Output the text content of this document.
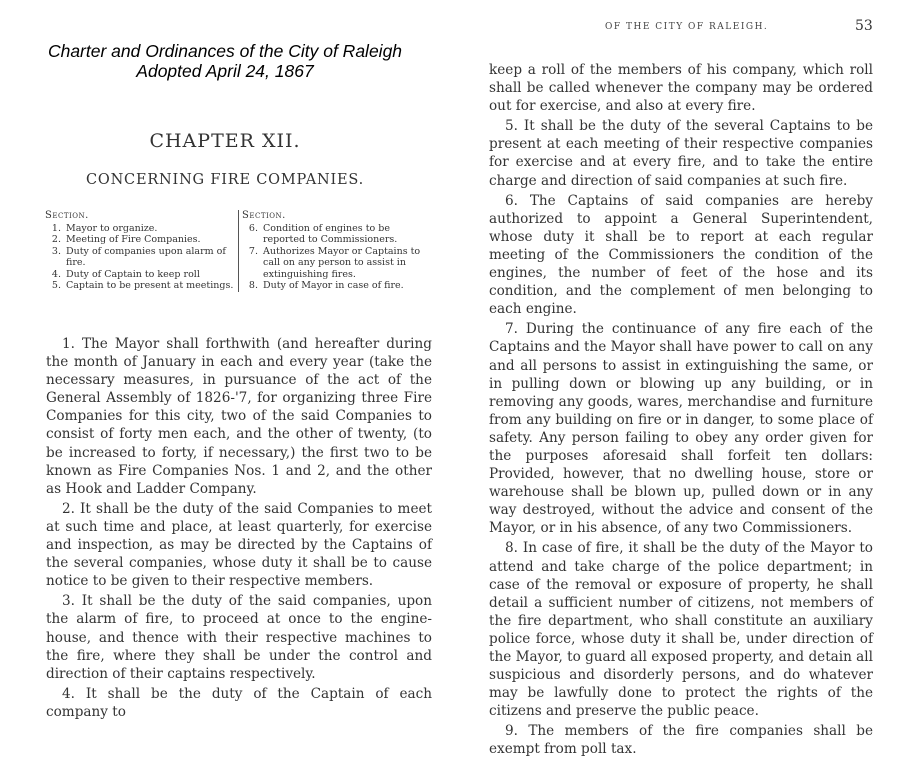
Charter and Ordinances of the City of Raleigh
Adopted April 24, 1867
CHAPTER XII.
CONCERNING FIRE COMPANIES.
Section.
1. Mayor to organize.
2. Meeting of Fire Companies.
3. Duty of companies upon alarm of fire.
4. Duty of Captain to keep roll
5. Captain to be present at meetings.
Section.
6. Condition of engines to be reported to Commissioners.
7. Authorizes Mayor or Captains to call on any person to assist in extinguishing fires.
8. Duty of Mayor in case of fire.

1. The Mayor shall forthwith (and hereafter during the month of January in each and every year (take the necessary measures, in pursuance of the act of the General Assembly of 1826-'7, for organizing three Fire Companies for this city, two of the said Companies to consist of forty men each, and the other of twenty, (to be increased to forty, if necessary,) the first two to be known as Fire Companies Nos. 1 and 2, and the other as Hook and Ladder Company.

2. It shall be the duty of the said Companies to meet at such time and place, at least quarterly, for exercise and inspection, as may be directed by the Captains of the several companies, whose duty it shall be to cause notice to be given to their respective members.

3. It shall be the duty of the said companies, upon the alarm of fire, to proceed at once to the engine-house, and thence with their respective machines to the fire, where they shall be under the control and direction of their captains respectively.

4. It shall be the duty of the Captain of each company to

OF THE CITY OF RALEIGH.	53

keep a roll of the members of his company, which roll shall be called whenever the company may be ordered out for exercise, and also at every fire.

5. It shall be the duty of the several Captains to be present at each meeting of their respective companies for exercise and at every fire, and to take the entire charge and direction of said companies at such fire.

6. The Captains of said companies are hereby authorized to appoint a General Superintendent, whose duty it shall be to report at each regular meeting of the Commissioners the condition of the engines, the number of feet of the hose and its condition, and the complement of men belonging to each engine.

7. During the continuance of any fire each of the Captains and the Mayor shall have power to call on any and all persons to assist in extinguishing the same, or in pulling down or blowing up any building, or in removing any goods, wares, merchandise and furniture from any building on fire or in danger, to some place of safety. Any person failing to obey any order given for the purposes aforesaid shall forfeit ten dollars: Provided, however, that no dwelling house, store or warehouse shall be blown up, pulled down or in any way destroyed, without the advice and consent of the Mayor, or in his absence, of any two Commissioners.

8. In case of fire, it shall be the duty of the Mayor to attend and take charge of the police department; in case of the removal or exposure of property, he shall detail a sufficient number of citizens, not members of the fire department, who shall constitute an auxiliary police force, whose duty it shall be, under direction of the Mayor, to guard all exposed property, and detain all suspicious and disorderly persons, and do whatever may be lawfully done to protect the rights of the citizens and preserve the public peace.

9. The members of the fire companies shall be exempt from poll tax.
